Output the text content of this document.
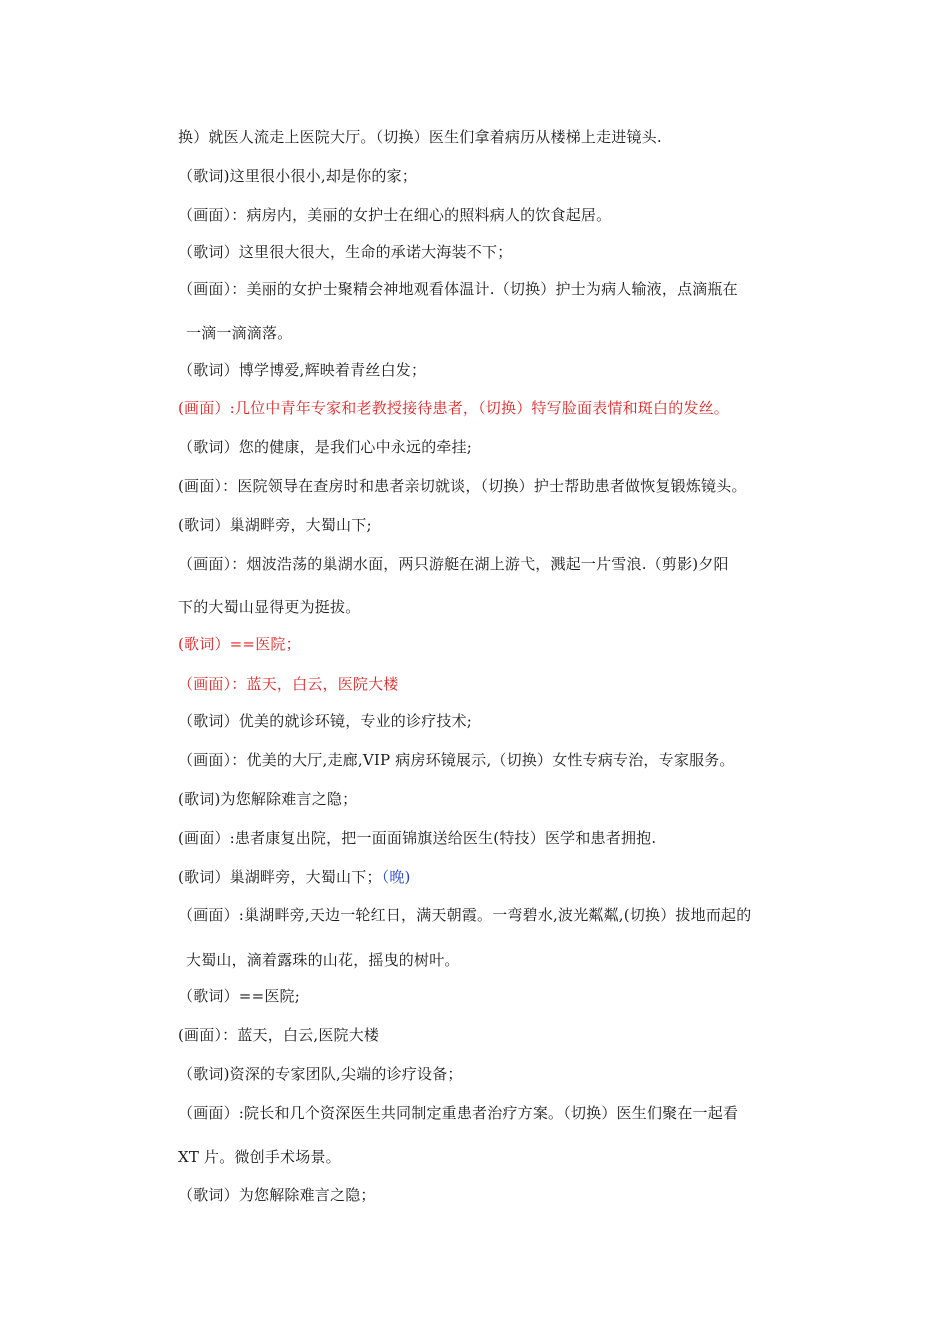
换）就医人流走上医院大厅。（切换）医生们拿着病历从楼梯上走进镜头.
（歌词)这里很小很小,却是你的家；
（画面）：病房内，美丽的女护士在细心的照料病人的饮食起居。
（歌词）这里很大很大，生命的承诺大海装不下；
（画面）：美丽的女护士聚精会神地观看体温计.（切换）护士为病人输液，点滴瓶在
一滴一滴滴落。
（歌词）博学博爱,辉映着青丝白发；
(画面）:几位中青年专家和老教授接待患者，（切换）特写脸面表情和斑白的发丝。
（歌词）您的健康，是我们心中永远的牵挂;
(画面）：医院领导在查房时和患者亲切就谈，（切换）护士帮助患者做恢复锻炼镜头。
(歌词）巢湖畔旁，大蜀山下;
（画面）：烟波浩荡的巢湖水面，两只游艇在湖上游弋，溅起一片雪浪.（剪影)夕阳
下的大蜀山显得更为挺拔。
(歌词）==医院；
（画面）：蓝天，白云，医院大楼
（歌词）优美的就诊环镜，专业的诊疗技术;
（画面）：优美的大厅,走廊,VIP 病房环镜展示,（切换）女性专病专治，专家服务。
(歌词)为您解除难言之隐；
(画面）:患者康复出院，把一面面锦旗送给医生(特技）医学和患者拥抱.
(歌词）巢湖畔旁，大蜀山下；（晚)
（画面）:巢湖畔旁,天边一轮红日，满天朝霞。一弯碧水,波光粼粼,(切换）拔地而起的
大蜀山，滴着露珠的山花，摇曳的树叶。
（歌词）==医院;
(画面）：蓝天，白云,医院大楼
（歌词)资深的专家团队,尖端的诊疗设备；
（画面）:院长和几个资深医生共同制定重患者治疗方案。（切换）医生们聚在一起看
XT 片。微创手术场景。
（歌词）为您解除难言之隐；
